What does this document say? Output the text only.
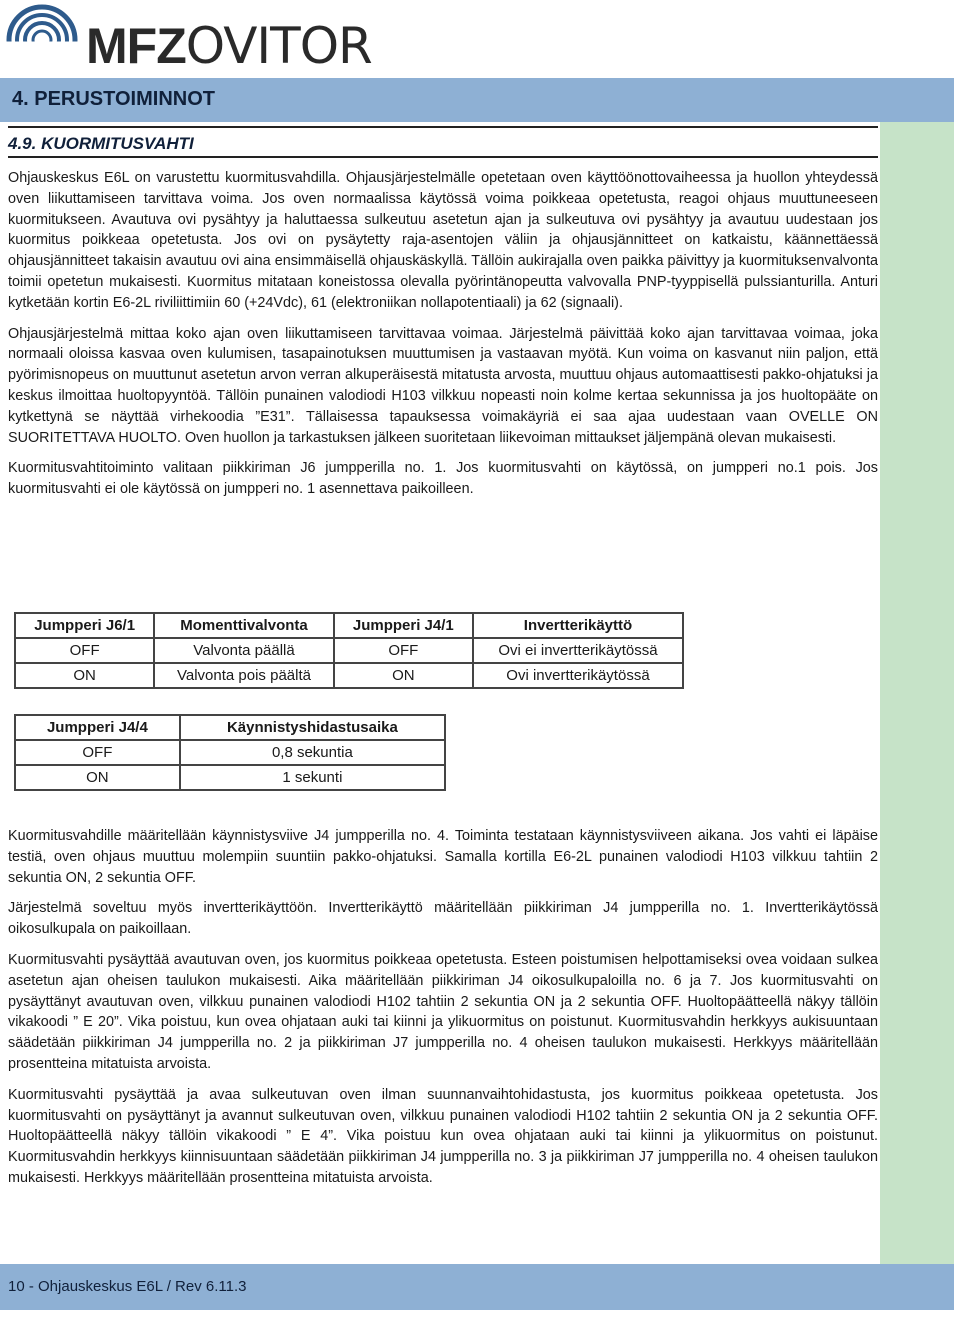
MFZOVITOR
4. PERUSTOIMINNOT
4.9. KUORMITUSVAHTI

Ohjauskeskus E6L on varustettu kuormitusvahdilla. Ohjausjärjestelmälle opetetaan oven käyttöönottovaiheessa ja huollon yhteydessä oven liikuttamiseen tarvittava voima. Jos oven normaalissa käytössä voima poikkeaa opetetusta, reagoi ohjaus muuttuneeseen kuormitukseen. Avautuva ovi pysähtyy ja haluttaessa sulkeutuu asetetun ajan ja sulkeutuva ovi pysähtyy ja avautuu uudestaan jos kuormitus poikkeaa opetetusta. Jos ovi on pysäytetty raja-asentojen väliin ja ohjausjännitteet on katkaistu, käännettäessä ohjausjännitteet takaisin avautuu ovi aina ensimmäisellä ohjauskäskyllä. Tällöin aukirajalla oven paikka päivittyy ja kuormituksenvalvonta toimii opetetun mukaisesti. Kuormitus mitataan koneistossa olevalla pyörintänopeutta valvovalla PNP-tyyppisellä pulssianturilla. Anturi kytketään kortin E6-2L riviliittimiin 60 (+24Vdc), 61 (elektroniikan nollapotentiaali) ja 62 (signaali).

Ohjausjärjestelmä mittaa koko ajan oven liikuttamiseen tarvittavaa voimaa. Järjestelmä päivittää koko ajan tarvittavaa voimaa, joka normaali oloissa kasvaa oven kulumisen, tasapainotuksen muuttumisen ja vastaavan myötä. Kun voima on kasvanut niin paljon, että pyörimisnopeus on muuttunut asetetun arvon verran alkuperäisestä mitatusta arvosta, muuttuu ohjaus automaattisesti pakko-ohjatuksi ja keskus ilmoittaa huoltopyyntöä. Tällöin punainen valodiodi H103 vilkkuu nopeasti noin kolme kertaa sekunnissa ja jos huoltopääte on kytkettynä se näyttää virhekoodia ”E31”. Tällaisessa tapauksessa voimakäyriä ei saa ajaa uudestaan vaan OVELLE ON SUORITETTAVA HUOLTO. Oven huollon ja tarkastuksen jälkeen suoritetaan liikevoiman mittaukset jäljempänä olevan mukaisesti.

Kuormitusvahtitoiminto valitaan piikkiriman J6 jumpperilla no. 1. Jos kuormitusvahti on käytössä, on jumpperi no.1 pois. Jos kuormitusvahti ei ole käytössä on jumpperi no. 1 asennettava paikoilleen.

Jumpperi J6/1	Momenttivalvonta	Jumpperi J4/1	Invertterikäyttö
OFF	Valvonta päällä	OFF	Ovi ei invertterikäytössä
ON	Valvonta pois päältä	ON	Ovi invertterikäytössä
Jumpperi J4/4	Käynnistyshidastusaika
OFF	0,8 sekuntia
ON	1 sekunti

Kuormitusvahdille määritellään käynnistysviive J4 jumpperilla no. 4. Toiminta testataan käynnistysviiveen aikana. Jos vahti ei läpäise testiä, oven ohjaus muuttuu molempiin suuntiin pakko-ohjatuksi. Samalla kortilla E6-2L punainen valodiodi H103 vilkkuu tahtiin 2 sekuntia ON, 2 sekuntia OFF.

Järjestelmä soveltuu myös invertterikäyttöön. Invertterikäyttö määritellään piikkiriman J4 jumpperilla no. 1. Invertterikäytössä oikosulkupala on paikoillaan.

Kuormitusvahti pysäyttää avautuvan oven, jos kuormitus poikkeaa opetetusta. Esteen poistumisen helpottamiseksi ovea voidaan sulkea asetetun ajan oheisen taulukon mukaisesti. Aika määritellään piikkiriman J4 oikosulkupaloilla no. 6 ja 7. Jos kuormitusvahti on pysäyttänyt avautuvan oven, vilkkuu punainen valodiodi H102 tahtiin 2 sekuntia ON ja 2 sekuntia OFF. Huoltopäätteellä näkyy tällöin vikakoodi ” E 20”. Vika poistuu, kun ovea ohjataan auki tai kiinni ja ylikuormitus on poistunut. Kuormitusvahdin herkkyys aukisuuntaan säädetään piikkiriman J4 jumpperilla no. 2 ja piikkiriman J7 jumpperilla no. 4 oheisen taulukon mukaisesti. Herkkyys määritellään prosentteina mitatuista arvoista.

Kuormitusvahti pysäyttää ja avaa sulkeutuvan oven ilman suunnanvaihtohidastusta, jos kuormitus poikkeaa opetetusta. Jos kuormitusvahti on pysäyttänyt ja avannut sulkeutuvan oven, vilkkuu punainen valodiodi H102 tahtiin 2 sekuntia ON ja 2 sekuntia OFF. Huoltopäätteellä näkyy tällöin vikakoodi ” E 4”. Vika poistuu kun ovea ohjataan auki tai kiinni ja ylikuormitus on poistunut. Kuormitusvahdin herkkyys kiinnisuuntaan säädetään piikkiriman J4 jumpperilla no. 3 ja piikkiriman J7 jumpperilla no. 4 oheisen taulukon mukaisesti. Herkkyys määritellään prosentteina mitatuista arvoista.

10 - Ohjauskeskus E6L / Rev 6.11.3
